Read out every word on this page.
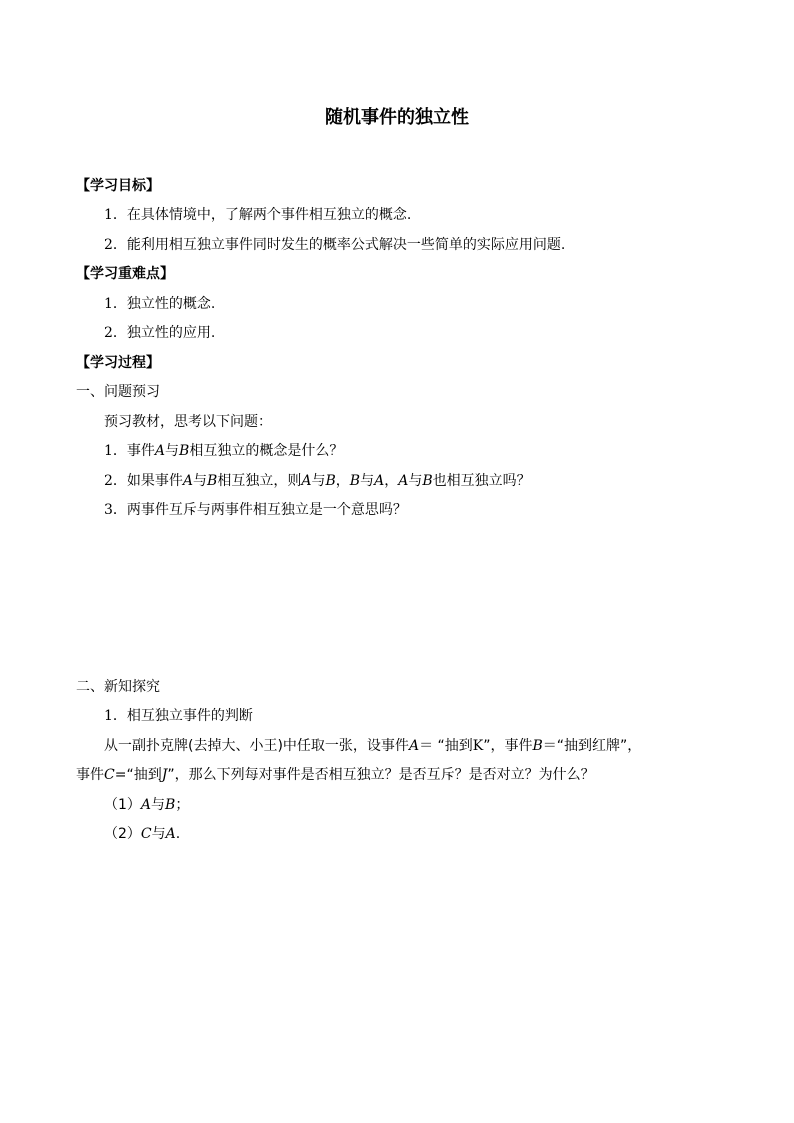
随机事件的独立性
【学习目标】
1．在具体情境中，了解两个事件相互独立的概念.
2．能利用相互独立事件同时发生的概率公式解决一些简单的实际应用问题.
【学习重难点】
1．独立性的概念.
2．独立性的应用.
【学习过程】
一、问题预习
预习教材，思考以下问题：
1．事件A与B相互独立的概念是什么？
2．如果事件A与B相互独立，则A与B，B与A，A与B也相互独立吗？
3．两事件互斥与两事件相互独立是一个意思吗？
二、新知探究
1．相互独立事件的判断
从一副扑克牌(去掉大、小王)中任取一张，设事件A＝ “抽到K”，事件B＝“抽到红牌”，
事件C=“抽到J”，那么下列每对事件是否相互独立？是否互斥？是否对立？为什么？
（1）A与B；
（2）C与A.
